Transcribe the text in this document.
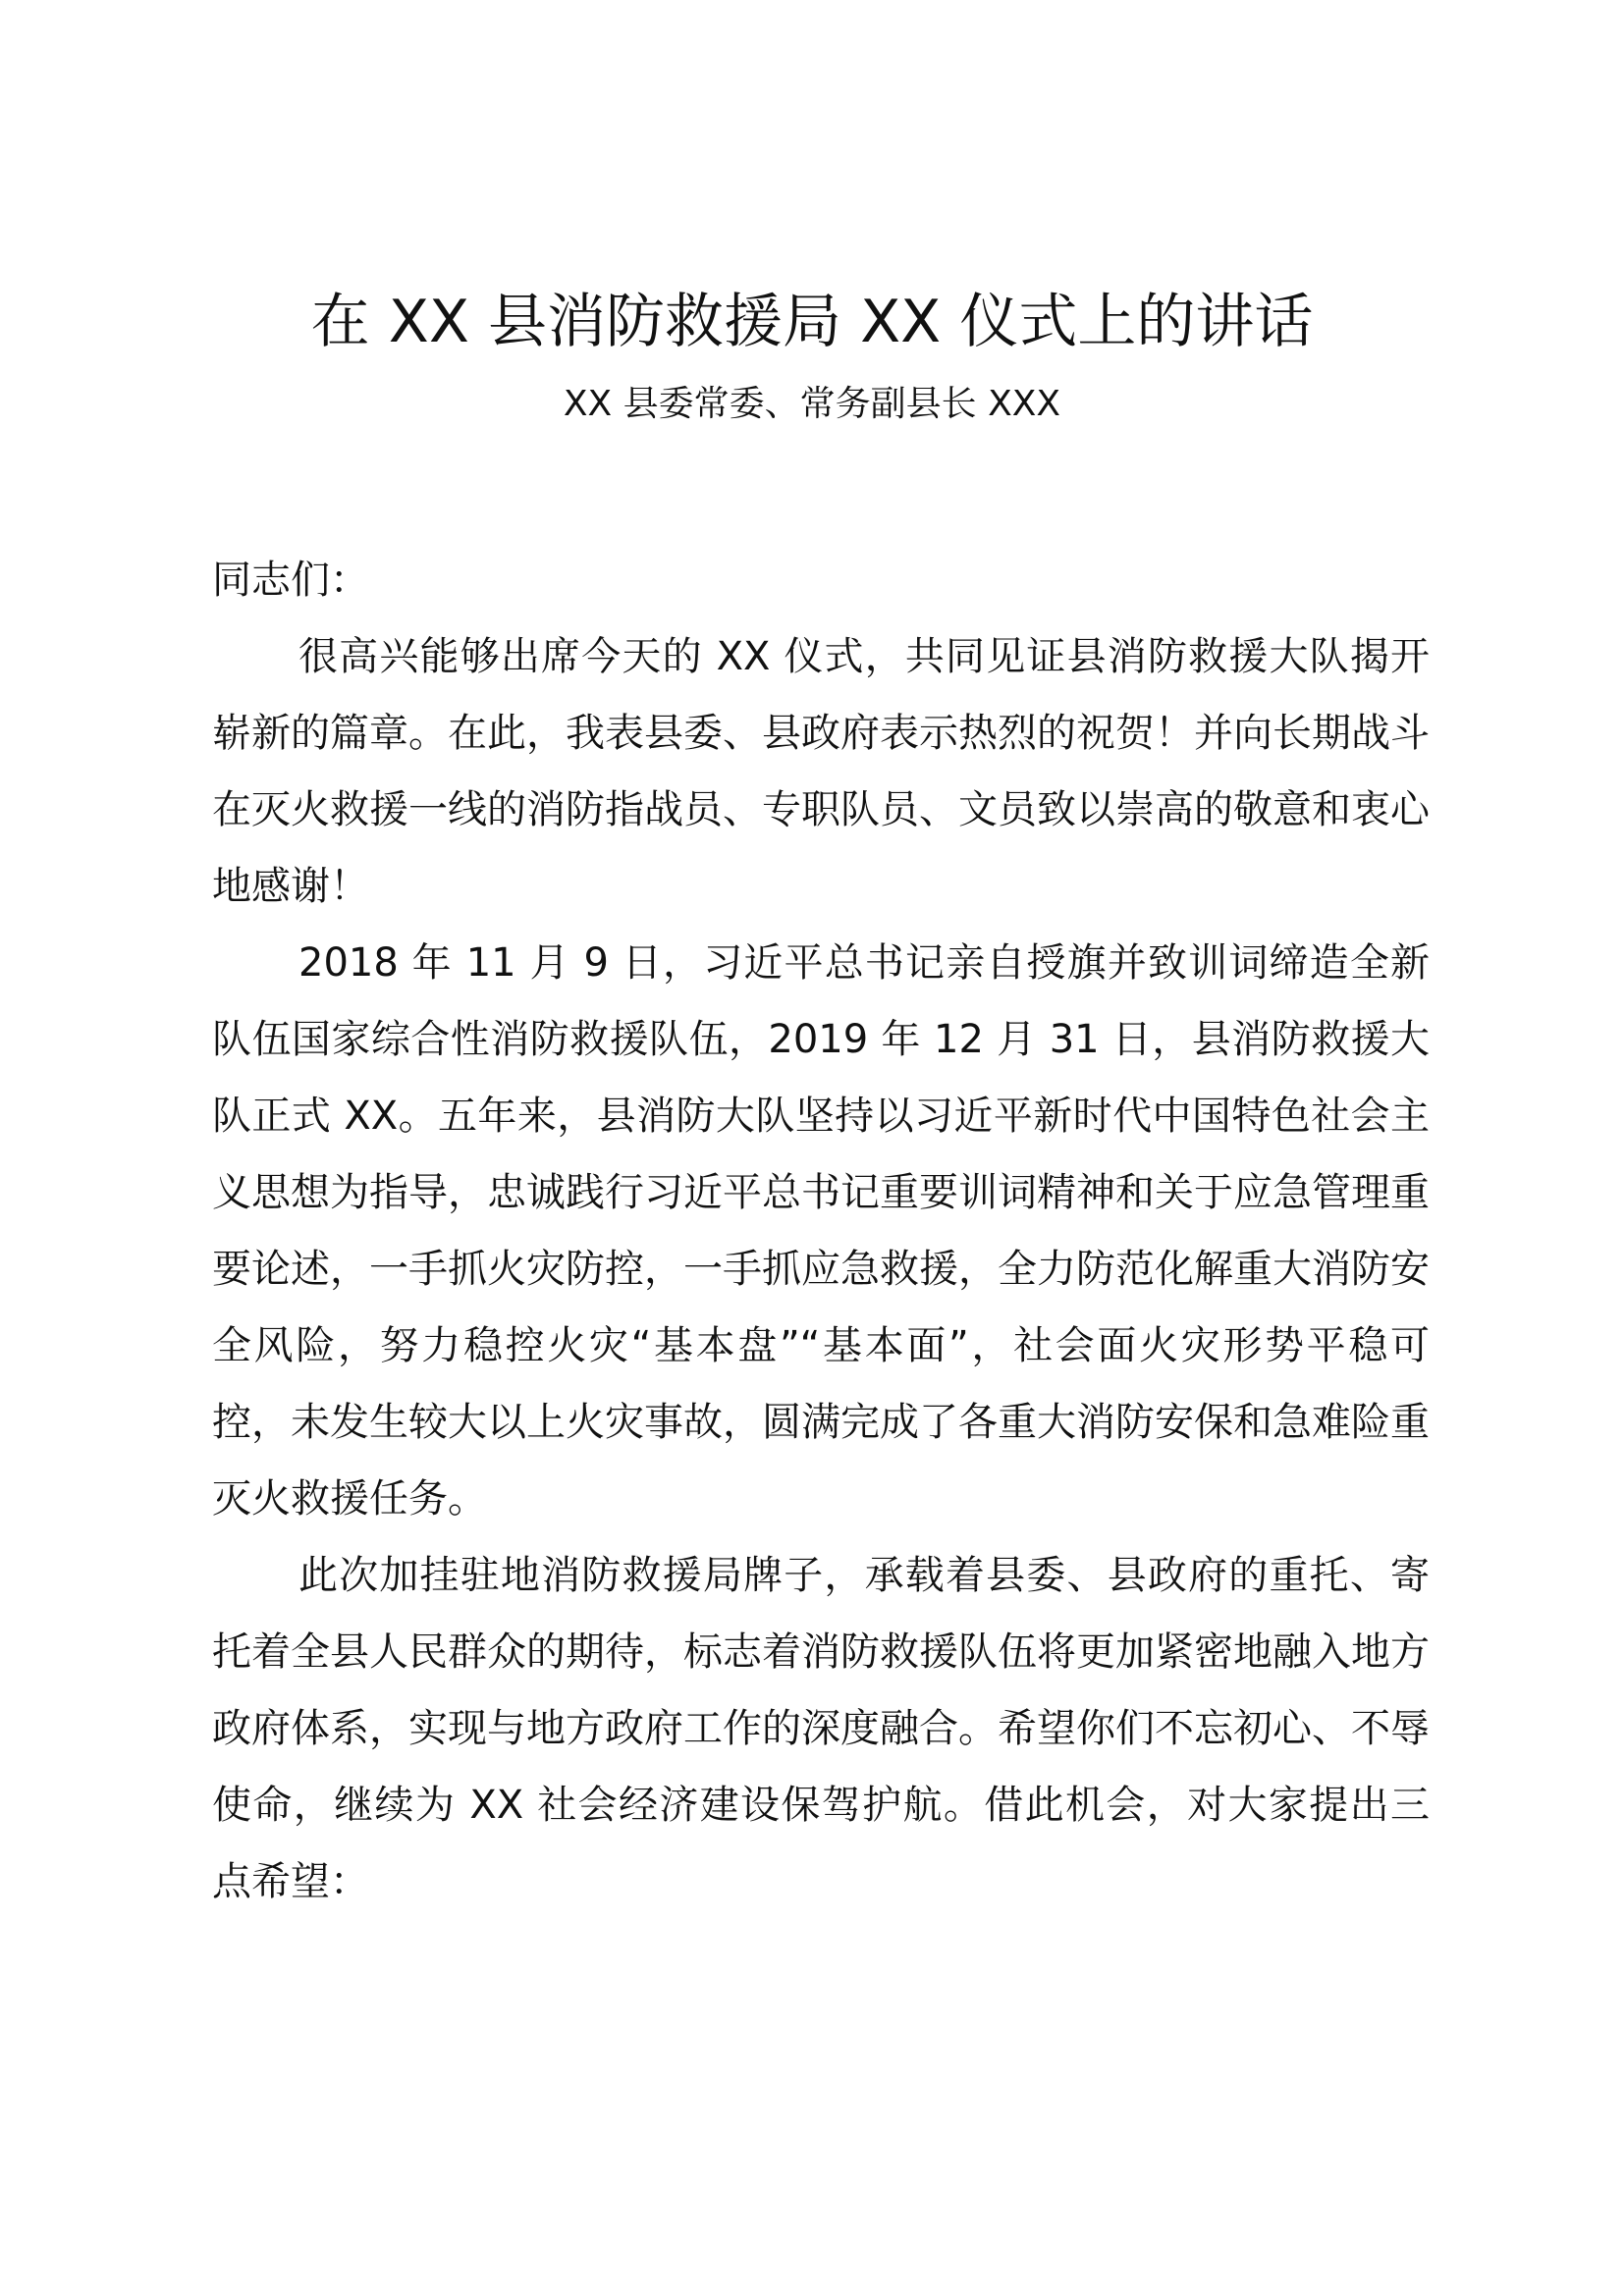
在 XX 县消防救援局 XX 仪式上的讲话
XX 县委常委、常务副县长 XXX

同志们：

很高兴能够出席今天的 XX 仪式，共同见证县消防救援大队揭开崭新的篇章。在此，我表县委、县政府表示热烈的祝贺！并向长期战斗在灭火救援一线的消防指战员、专职队员、文员致以崇高的敬意和衷心地感谢！

2018 年 11 月 9 日，习近平总书记亲自授旗并致训词缔造全新队伍国家综合性消防救援队伍，2019 年 12 月 31 日，县消防救援大队正式 XX。五年来，县消防大队坚持以习近平新时代中国特色社会主义思想为指导，忠诚践行习近平总书记重要训词精神和关于应急管理重要论述，一手抓火灾防控，一手抓应急救援，全力防范化解重大消防安全风险，努力稳控火灾“基本盘”“基本面”，社会面火灾形势平稳可控，未发生较大以上火灾事故，圆满完成了各重大消防安保和急难险重灭火救援任务。

此次加挂驻地消防救援局牌子，承载着县委、县政府的重托、寄托着全县人民群众的期待，标志着消防救援队伍将更加紧密地融入地方政府体系，实现与地方政府工作的深度融合。希望你们不忘初心、不辱使命，继续为 XX 社会经济建设保驾护航。借此机会，对大家提出三点希望：
